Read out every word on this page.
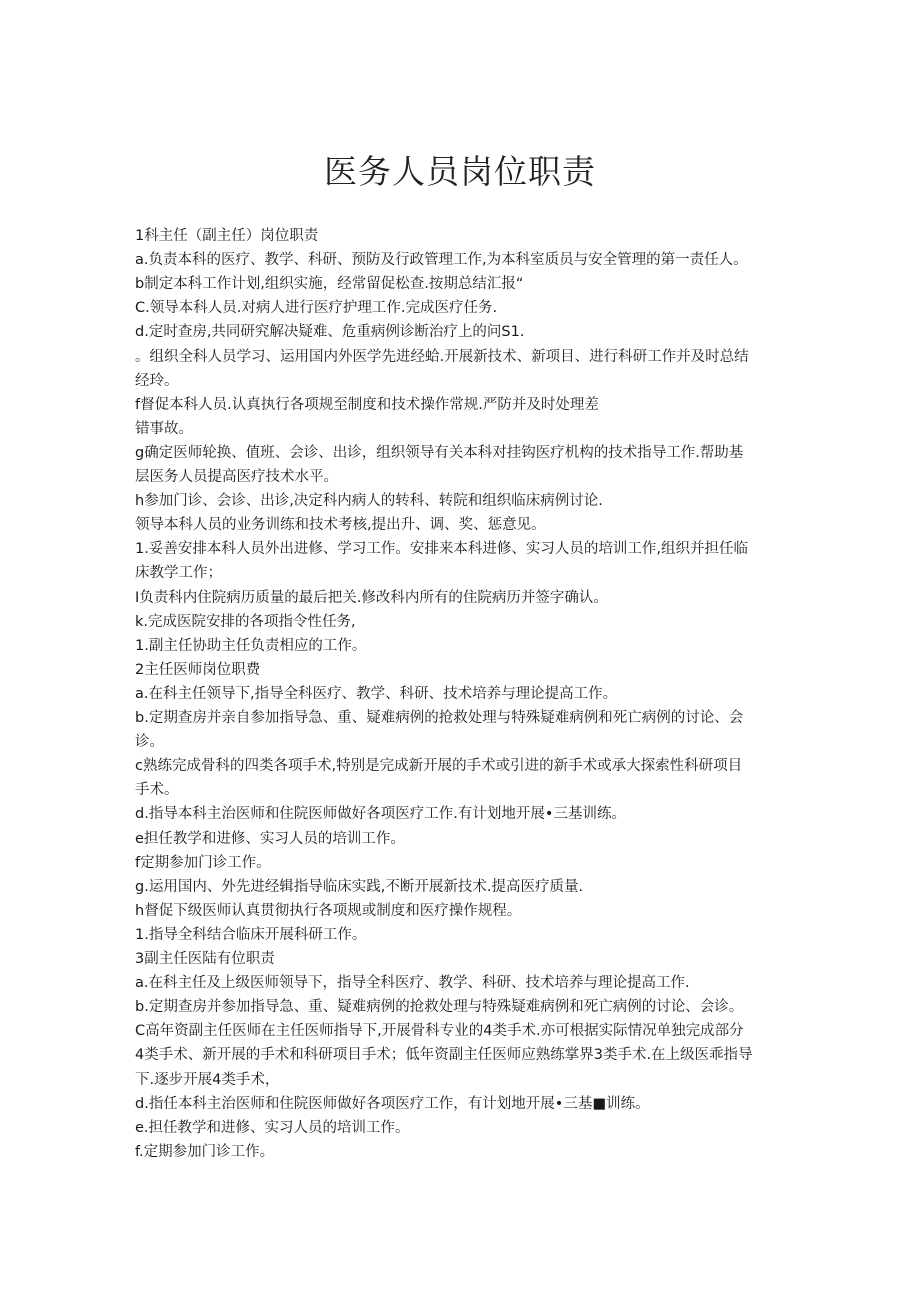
医务人员岗位职责
1科主任（副主任）岗位职责
a.负责本科的医疗、教学、科研、预防及行政管理工作,为本科室质员与安全管理的第一责任人。
b制定本科工作计划,组织实施，经常留促松查.按期总结汇报“
C.领导本科人员.对病人进行医疗护理工作.完成医疗任务.
d.定时查房,共同研究解决疑难、危重病例诊断治疗上的问S1.
。组织全科人员学习、运用国内外医学先进经蛤.开展新技术、新项目、进行科研工作并及时总结
经玲。
f督促本科人员.认真执行各项规至制度和技术操作常规.严防并及时处理差
错事故。
g确定医师轮换、值班、会诊、出诊，组织领导有关本科对挂钩医疗机构的技术指导工作.帮助基
层医务人员提高医疗技术水平。
h参加门诊、会诊、出诊,决定科内病人的转科、转院和组织临床病例讨论.
领导本科人员的业务训练和技术考核,提出升、调、奖、惩意见。
1.妥善安排本科人员外出进修、学习工作。安排来本科进修、实习人员的培训工作,组织并担任临
床教学工作；
I负责科内住院病历质量的最后把关.修改科内所有的住院病历并签字确认。
k.完成医院安排的各项指令性任务,
1.副主任协助主任负责相应的工作。
2主任医师岗位职费
a.在科主任领导下,指导全科医疗、教学、科研、技术培养与理论提高工作。
b.定期查房并亲自参加指导急、重、疑难病例的抢救处理与特殊疑难病例和死亡病例的讨论、会
诊。
c熟练完成骨科的四类各项手术,特别是完成新开展的手术或引进的新手术或承大探索性科研项目
手术。
d.指导本科主治医师和住院医师做好各项医疗工作.有计划地开展•三基训练。
e担任教学和进修、实习人员的培训工作。
f定期参加门诊工作。
g.运用国内、外先进经辑指导临床实践,不断开展新技术.提高医疗质量.
h督促下级医师认真贯彻执行各项规或制度和医疗操作规程。
1.指导全科结合临床开展科研工作。
3副主任医陆有位职责
a.在科主任及上级医师领导下，指导全科医疗、教学、科研、技术培养与理论提高工作.
b.定期查房并参加指导急、重、疑难病例的抢救处理与特殊疑难病例和死亡病例的讨论、会诊。
C高年资副主任医师在主任医师指导下,开展骨科专业的4类手术.亦可根据实际情况单独完成部分
4类手术、新开展的手术和科研项目手术；低年资副主任医师应熟练掌界3类手术.在上级医乖指导
下.逐步开展4类手术，
d.指任本科主治医师和住院医师做好各项医疗工作，有计划地开展•三基■训练。
e.担任教学和进修、实习人员的培训工作。
f.定期参加门诊工作。
